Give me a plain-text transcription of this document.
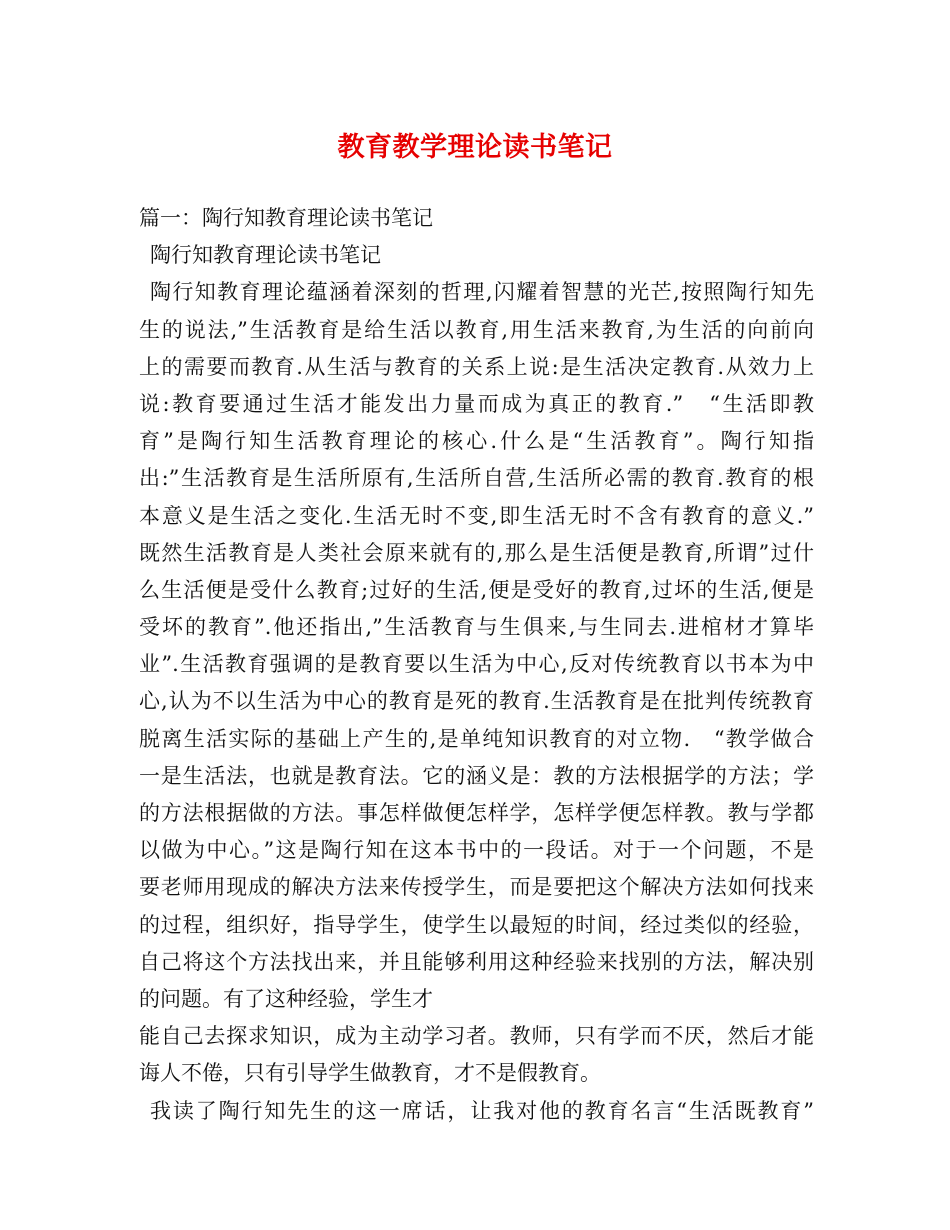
教育教学理论读书笔记
篇一：陶行知教育理论读书笔记
陶行知教育理论读书笔记
陶行知教育理论蕴涵着深刻的哲理,闪耀着智慧的光芒,按照陶行知先
生的说法,”生活教育是给生活以教育,用生活来教育,为生活的向前向
上的需要而教育.从生活与教育的关系上说:是生活决定教育.从效力上
说:教育要通过生活才能发出力量而成为真正的教育.”　“生活即教
育”是陶行知生活教育理论的核心.什么是“生活教育”。陶行知指
出:”生活教育是生活所原有,生活所自营,生活所必需的教育.教育的根
本意义是生活之变化.生活无时不变,即生活无时不含有教育的意义.”
既然生活教育是人类社会原来就有的,那么是生活便是教育,所谓”过什
么生活便是受什么教育;过好的生活,便是受好的教育,过坏的生活,便是
受坏的教育”.他还指出,”生活教育与生俱来,与生同去.进棺材才算毕
业”.生活教育强调的是教育要以生活为中心,反对传统教育以书本为中
心,认为不以生活为中心的教育是死的教育.生活教育是在批判传统教育
脱离生活实际的基础上产生的,是单纯知识教育的对立物.　“教学做合
一是生活法，也就是教育法。它的涵义是：教的方法根据学的方法；学
的方法根据做的方法。事怎样做便怎样学，怎样学便怎样教。教与学都
以做为中心。”这是陶行知在这本书中的一段话。对于一个问题，不是
要老师用现成的解决方法来传授学生，而是要把这个解决方法如何找来
的过程，组织好，指导学生，使学生以最短的时间，经过类似的经验，
自己将这个方法找出来，并且能够利用这种经验来找别的方法，解决别
的问题。有了这种经验，学生才
能自己去探求知识，成为主动学习者。教师，只有学而不厌，然后才能
诲人不倦，只有引导学生做教育，才不是假教育。
我读了陶行知先生的这一席话，让我对他的教育名言“生活既教育”
